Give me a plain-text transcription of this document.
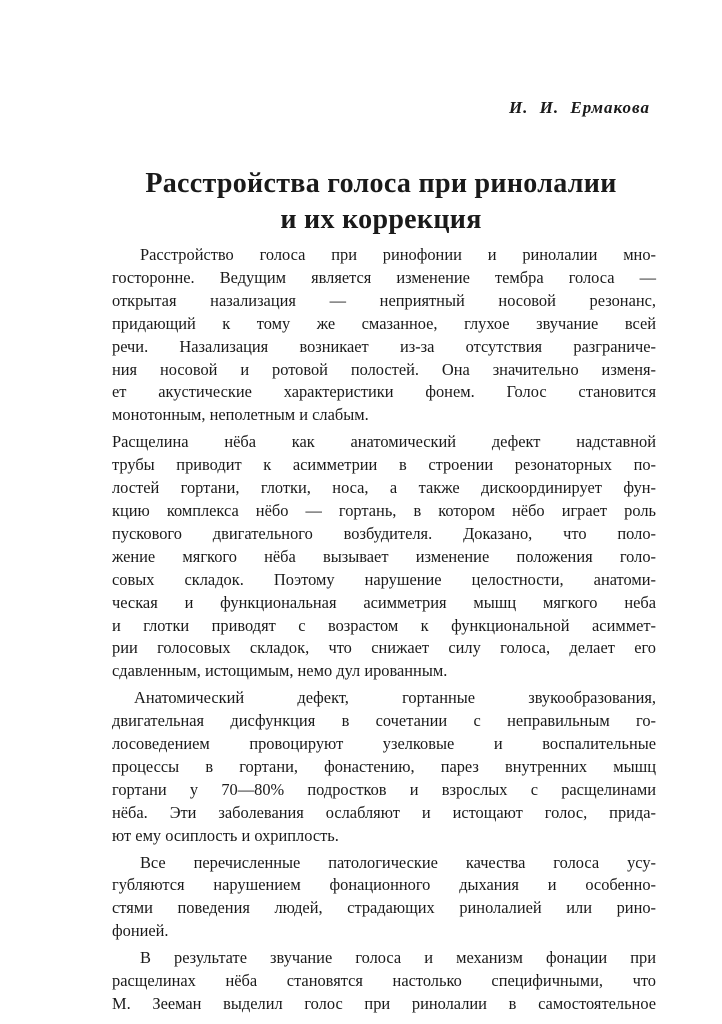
И. И. Ермакова
Расстройства голоса при ринолалии
и их коррекция
Расстройство голоса при ринофонии и ринолалии мно-
гостороннe. Ведущим является изменение тембра голоса —
открытая назализация — неприятный носовой резонанс,
придающий к тому же смазанное, глухое звучание всей
речи. Назализация возникает из-за отсутствия разграниче-
ния носовой и ротовой полостей. Она значительно изменя-
ет акустические характеристики фонем. Голос становится
монотонным, неполетным и слабым.
Расщелина нёба как анатомический дефект надставной
трубы приводит к асимметрии в строении резонаторных по-
лостей гортани, глотки, носа, а также дискоординирует фун-
кцию комплекса нёбо — гортань, в котором нёбо играет роль
пускового двигательного возбудителя. Доказано, что поло-
жение мягкого нёба вызывает изменение положения голо-
совых складок. Поэтому нарушение целостности, анатоми-
ческая и функциональная асимметрия мышц мягкого неба
и глотки приводят с возрастом к функциональной асиммет-
рии голосовых складок, что снижает силу голоса, делает его
сдавленным, истощимым, немо дул ированным.
Анатомический дефект, гортанные звукообразования,
двигательная дисфункция в сочетании с неправильным го-
лосоведением провоцируют узелковые и воспалительные
процессы в гортани, фонастению, парез внутренних мышц
гортани у 70—80% подростков и взрослых с расщелинами
нёба. Эти заболевания ослабляют и истощают голос, прида-
ют ему осиплость и охриплость.
Все перечисленные патологические качества голоса усу-
губляются нарушением фонационного дыхания и особенно-
стями поведения людей, страдающих ринолалией или рино-
фонией.
В результате звучание голоса и механизм фонации при
расщелинах нёба становятся настолько специфичными, что
М. Зееман выделил голос при ринолалии в самостоятельное
